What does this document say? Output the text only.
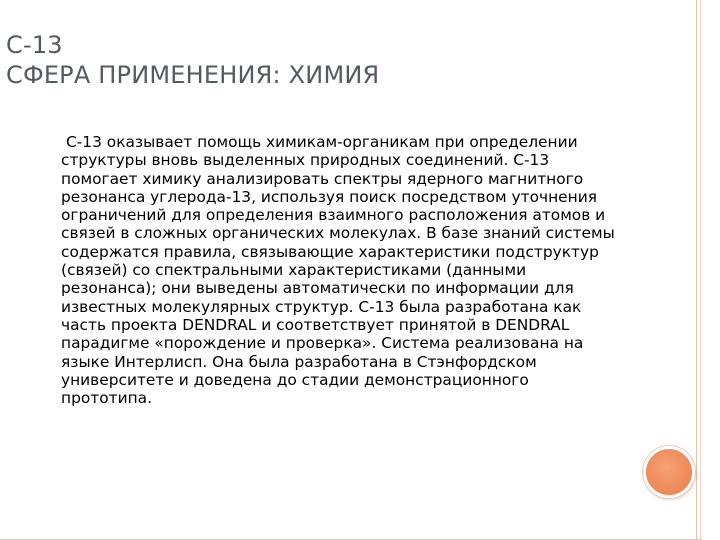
C-13
СФЕРА ПРИМЕНЕНИЯ: ХИМИЯ

C-13 оказывает помощь химикам-органикам при определении структуры вновь выделенных природных соединений. С-13 помогает химику анализировать спектры ядерного магнитного резонанса углерода-13, используя поиск посредством уточнения ограничений для определения взаимного расположения атомов и связей в сложных органических молекулах. В базе знаний системы содержатся правила, связывающие характеристики подструктур (связей) со спектральными характеристиками (данными резонанса); они выведены автоматически по информации для известных молекулярных структур. С-13 была разработана как часть проекта DENDRAL и соответствует принятой в DENDRAL парадигме «порождение и проверка». Система реализована на языке Интерлисп. Она была разработана в Стэнфордском университете и доведена до стадии демонстрационного прототипа.
